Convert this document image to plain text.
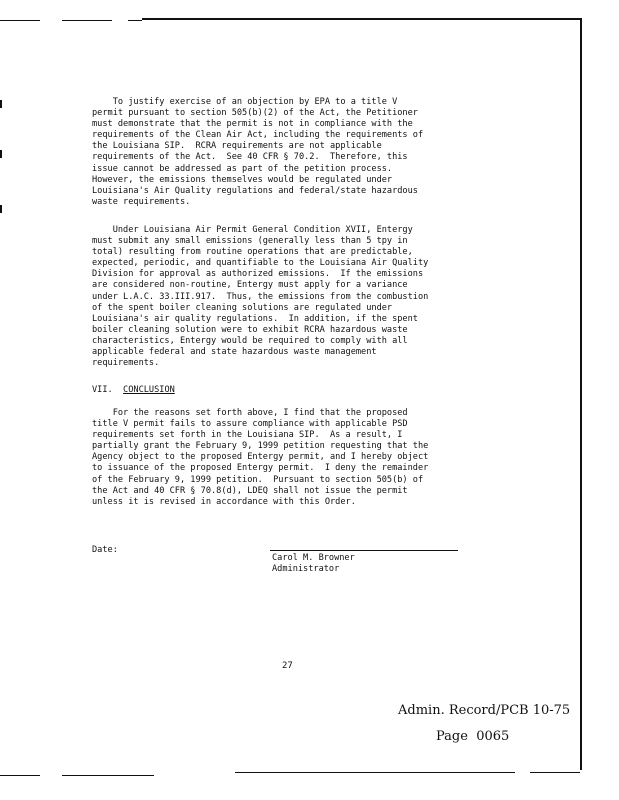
To justify exercise of an objection by EPA to a title V
permit pursuant to section 505(b)(2) of the Act, the Petitioner
must demonstrate that the permit is not in compliance with the
requirements of the Clean Air Act, including the requirements of
the Louisiana SIP.  RCRA requirements are not applicable
requirements of the Act.  See 40 CFR § 70.2.  Therefore, this
issue cannot be addressed as part of the petition process.
However, the emissions themselves would be regulated under
Louisiana's Air Quality regulations and federal/state hazardous
waste requirements.

Under Louisiana Air Permit General Condition XVII, Entergy
must submit any small emissions (generally less than 5 tpy in
total) resulting from routine operations that are predictable,
expected, periodic, and quantifiable to the Louisiana Air Quality
Division for approval as authorized emissions.  If the emissions
are considered non-routine, Entergy must apply for a variance
under L.A.C. 33.III.917.  Thus, the emissions from the combustion
of the spent boiler cleaning solutions are regulated under
Louisiana's air quality regulations.  In addition, if the spent
boiler cleaning solution were to exhibit RCRA hazardous waste
characteristics, Entergy would be required to comply with all
applicable federal and state hazardous waste management
requirements.

VII.  CONCLUSION

For the reasons set forth above, I find that the proposed
title V permit fails to assure compliance with applicable PSD
requirements set forth in the Louisiana SIP.  As a result, I
partially grant the February 9, 1999 petition requesting that the
Agency object to the proposed Entergy permit, and I hereby object
to issuance of the proposed Entergy permit.  I deny the remainder
of the February 9, 1999 petition.  Pursuant to section 505(b) of
the Act and 40 CFR § 70.8(d), LDEQ shall not issue the permit
unless it is revised in accordance with this Order.

Date:
Carol M. Browner
Administrator
27
Admin. Record/PCB 10-75
Page  0065
